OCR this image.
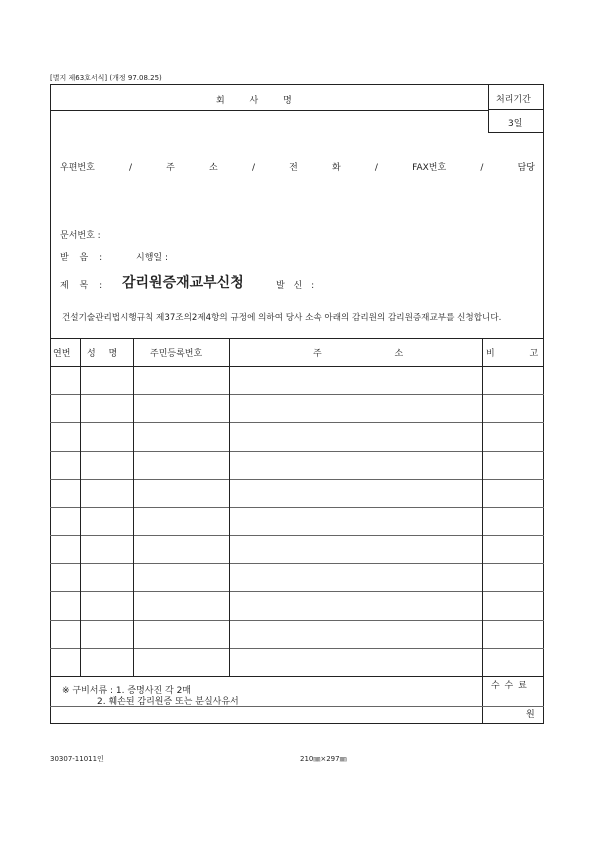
[별지 제63호서식] (개정 97.08.25)
회 사 명	처리기간
3일
우편번호 / 주 소 / 전 화 / FAX번호 / 담당
문서번호 :
받 음 :	시행일 :
제 목 : 감리원증재교부신청	발 신 :
건설기술관리법시행규칙 제37조의2제4항의 규정에 의하여 당사 소속 아래의 감리원의 감리원증재교부를 신청합니다.
연번 성 명	주민등록번호	주 소	비 고
※ 구비서류 : 1. 증명사진 각 2매
2. 훼손된 감리원증 또는 분실사유서
수 수 료
원
30307-11011인	210㎜×297㎜
